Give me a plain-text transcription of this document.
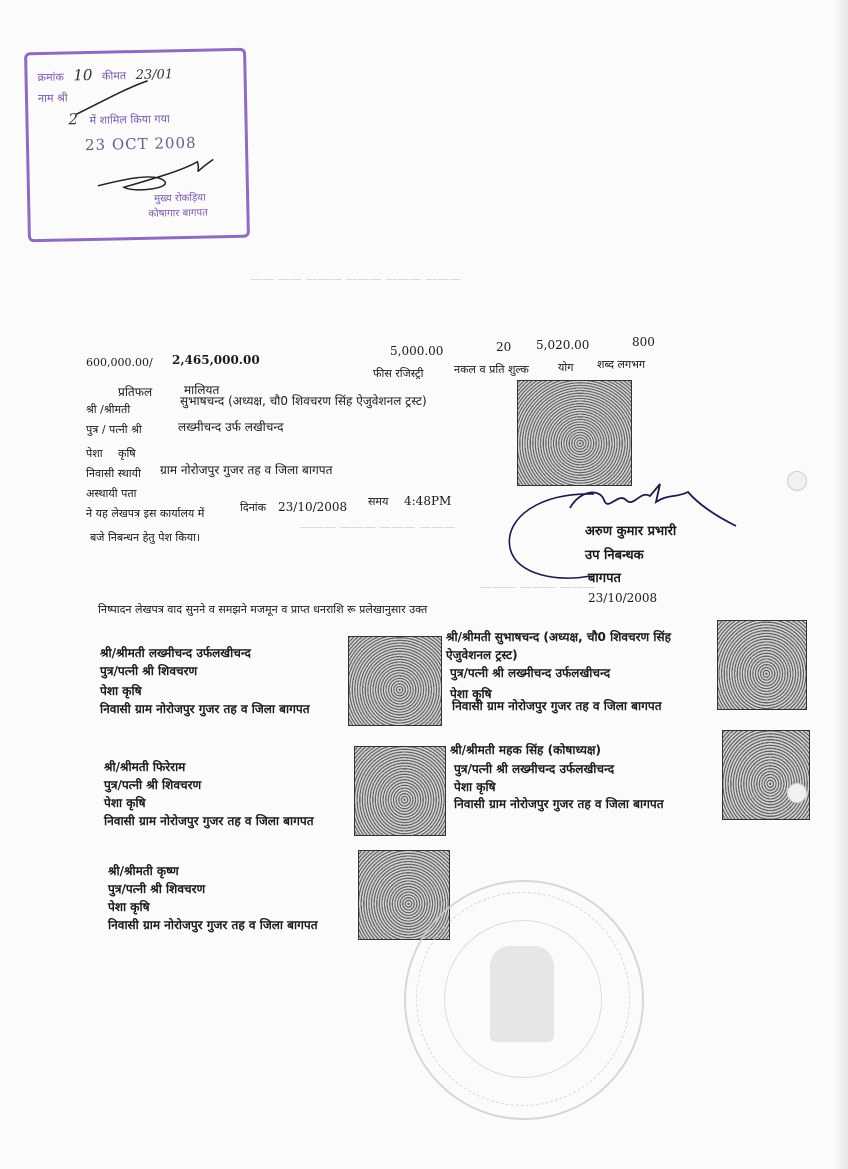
—— —— ——— ——— ——— ———
——— ——— ——— ———
——— ——— ———
क्रमांक 10 कीमत 23/01
नाम श्री
2 में शामिल किया गया
23 OCT 2008
मुख्य रोकड़िया
कोषागार बागपत
600,000.00/ 2,465,000.00
5,000.00
फीस रजिस्ट्री
20
नकल व प्रति शुल्क
5,020.00
योग
800
शब्द लगभग
प्रतिफल	मालियत
श्री /श्रीमती
सुभाषचन्द (अध्यक्ष, चौ0 शिवचरण सिंह ऐजुवेशनल ट्रस्ट)
पुत्र / पत्नी श्री	लख्मीचन्द उर्फ लखीचन्द
पेशा कृषि
निवासी स्थायी ग्राम नोरोजपुर गुजर तह व जिला बागपत
अस्थायी पता
ने यह लेखपत्र इस कार्यालय में	दिनांक 23/10/2008 समय 4:48PM
बजे निबन्धन हेतु पेश किया।	अरुण कुमार प्रभारी
उप निबन्धक
बागपत
23/10/2008
निष्पादन लेखपत्र वाद सुनने व समझने मजमून व प्राप्त धनराशि रू प्रलेखानुसार उक्त
श्री/श्रीमती लख्मीचन्द उर्फलखीचन्द
पुत्र/पत्नी श्री शिवचरण
पेशा कृषि
निवासी ग्राम नोरोजपुर गुजर तह व जिला बागपत
श्री/श्रीमती सुभाषचन्द (अध्यक्ष, चौ0 शिवचरण सिंह
ऐजुवेशनल ट्रस्ट)
पुत्र/पत्नी श्री लख्मीचन्द उर्फलखीचन्द
पेशा कृषि
निवासी ग्राम नोरोजपुर गुजर तह व जिला बागपत
श्री/श्रीमती फिरेराम
पुत्र/पत्नी श्री शिवचरण
पेशा कृषि
निवासी ग्राम नोरोजपुर गुजर तह व जिला बागपत
श्री/श्रीमती महक सिंह (कोषाध्यक्ष)
पुत्र/पत्नी श्री लख्मीचन्द उर्फलखीचन्द
पेशा कृषि
निवासी ग्राम नोरोजपुर गुजर तह व जिला बागपत
श्री/श्रीमती कृष्ण
पुत्र/पत्नी श्री शिवचरण
पेशा कृषि
निवासी ग्राम नोरोजपुर गुजर तह व जिला बागपत
